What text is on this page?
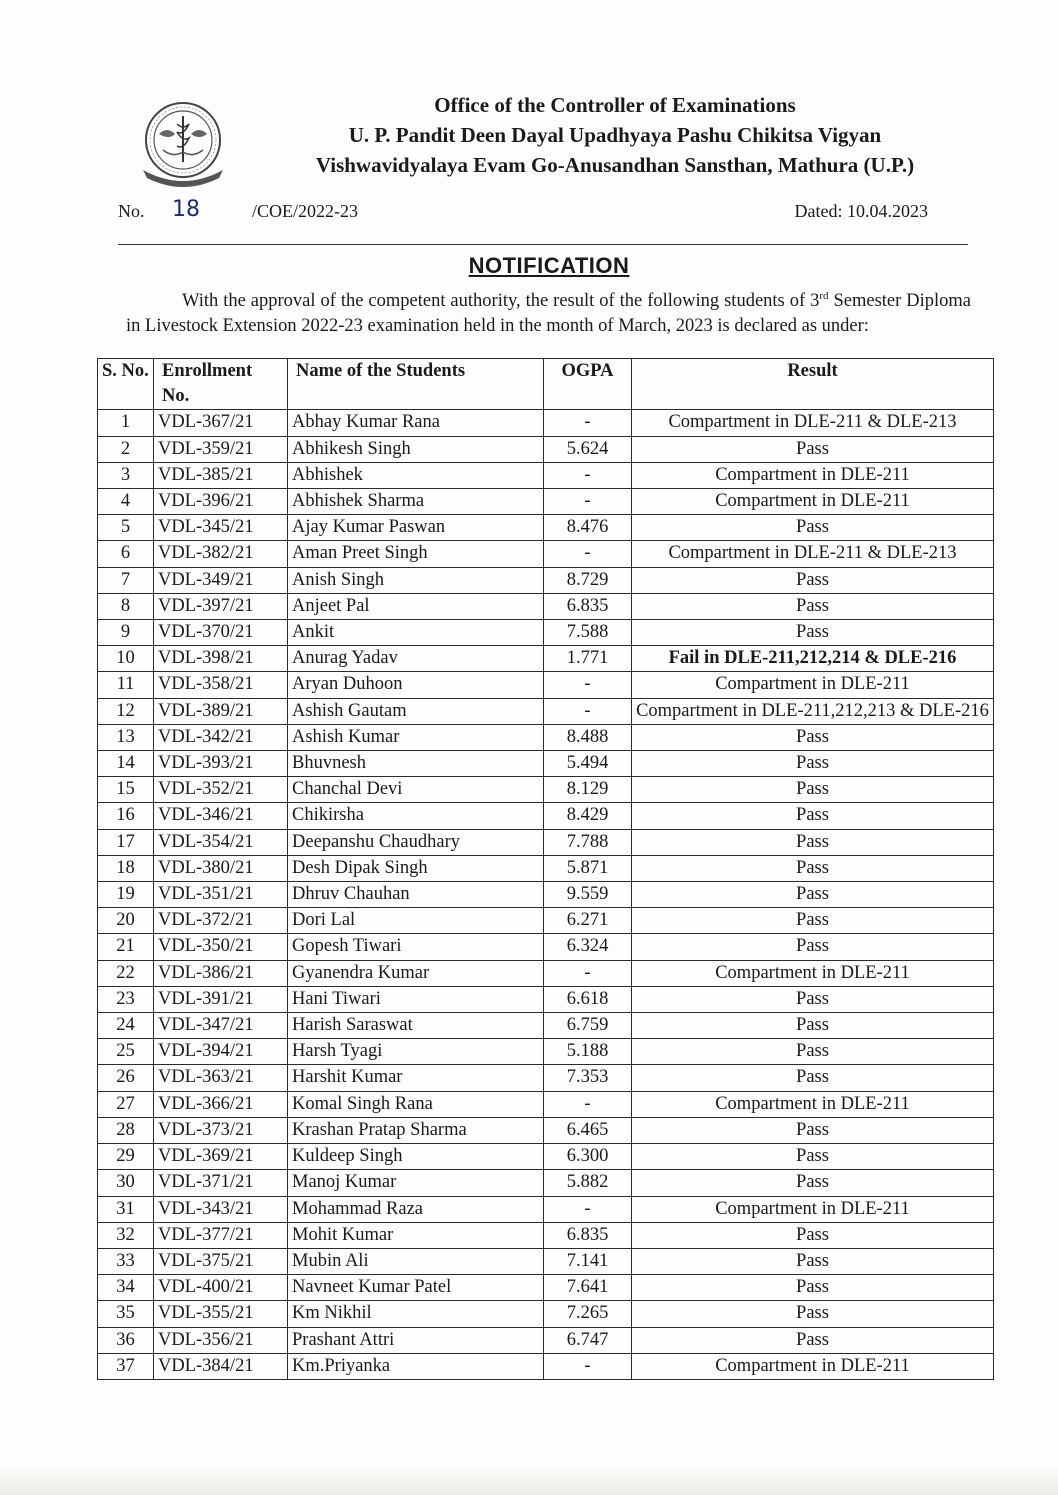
Office of the Controller of Examinations
U. P. Pandit Deen Dayal Upadhyaya Pashu Chikitsa Vigyan
Vishwavidyalaya Evam Go-Anusandhan Sansthan, Mathura (U.P.)
No. 18	/COE/2022-23	Dated: 10.04.2023
NOTIFICATION
With the approval of the competent authority, the result of the following students of 3rd Semester Diploma in Livestock Extension 2022-23 examination held in the month of March, 2023 is declared as under:
S. No.	Enrollment No.	Name of the Students	OGPA	Result
1	VDL-367/21	Abhay Kumar Rana	-	Compartment in DLE-211 & DLE-213
2	VDL-359/21	Abhikesh Singh	5.624	Pass
3	VDL-385/21	Abhishek	-	Compartment in DLE-211
4	VDL-396/21	Abhishek Sharma	-	Compartment in DLE-211
5	VDL-345/21	Ajay Kumar Paswan	8.476	Pass
6	VDL-382/21	Aman Preet Singh	-	Compartment in DLE-211 & DLE-213
7	VDL-349/21	Anish Singh	8.729	Pass
8	VDL-397/21	Anjeet Pal	6.835	Pass
9	VDL-370/21	Ankit	7.588	Pass
10	VDL-398/21	Anurag Yadav	1.771	Fail in DLE-211,212,214 & DLE-216
11	VDL-358/21	Aryan Duhoon	-	Compartment in DLE-211
12	VDL-389/21	Ashish Gautam	-	Compartment in DLE-211,212,213 & DLE-216
13	VDL-342/21	Ashish Kumar	8.488	Pass
14	VDL-393/21	Bhuvnesh	5.494	Pass
15	VDL-352/21	Chanchal Devi	8.129	Pass
16	VDL-346/21	Chikirsha	8.429	Pass
17	VDL-354/21	Deepanshu Chaudhary	7.788	Pass
18	VDL-380/21	Desh Dipak Singh	5.871	Pass
19	VDL-351/21	Dhruv Chauhan	9.559	Pass
20	VDL-372/21	Dori Lal	6.271	Pass
21	VDL-350/21	Gopesh Tiwari	6.324	Pass
22	VDL-386/21	Gyanendra Kumar	-	Compartment in DLE-211
23	VDL-391/21	Hani Tiwari	6.618	Pass
24	VDL-347/21	Harish Saraswat	6.759	Pass
25	VDL-394/21	Harsh Tyagi	5.188	Pass
26	VDL-363/21	Harshit Kumar	7.353	Pass
27	VDL-366/21	Komal Singh Rana	-	Compartment in DLE-211
28	VDL-373/21	Krashan Pratap Sharma	6.465	Pass
29	VDL-369/21	Kuldeep Singh	6.300	Pass
30	VDL-371/21	Manoj Kumar	5.882	Pass
31	VDL-343/21	Mohammad Raza	-	Compartment in DLE-211
32	VDL-377/21	Mohit Kumar	6.835	Pass
33	VDL-375/21	Mubin Ali	7.141	Pass
34	VDL-400/21	Navneet Kumar Patel	7.641	Pass
35	VDL-355/21	Km Nikhil	7.265	Pass
36	VDL-356/21	Prashant Attri	6.747	Pass
37	VDL-384/21	Km.Priyanka	-	Compartment in DLE-211
